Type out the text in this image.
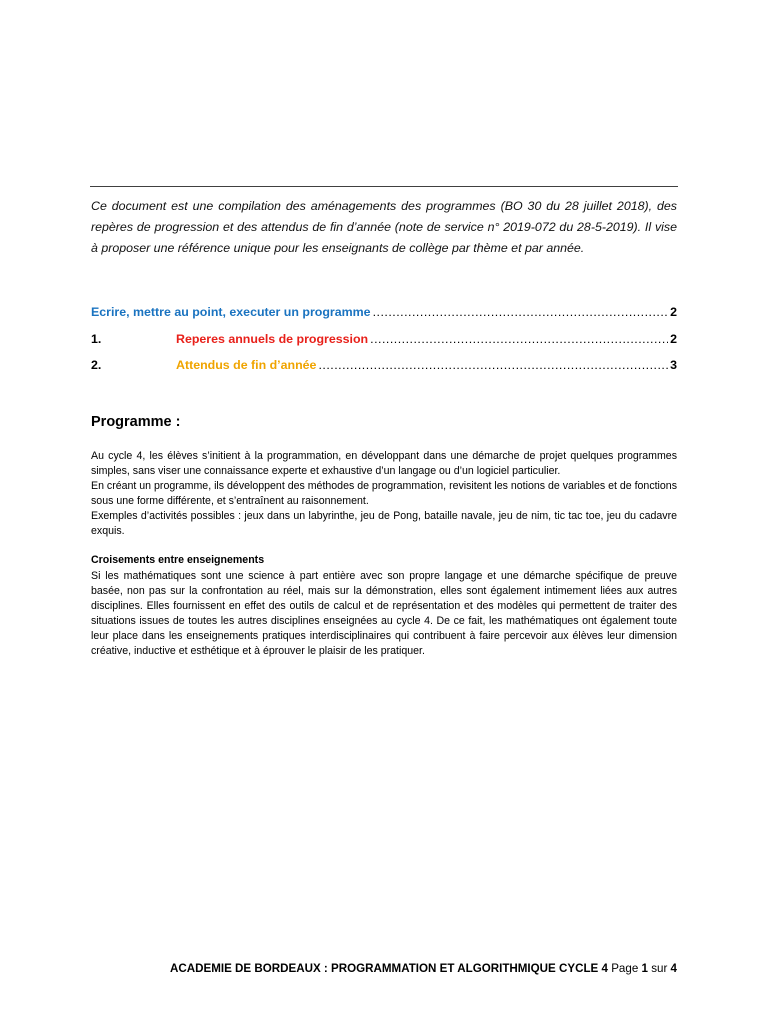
Ce document est une compilation des aménagements des programmes (BO 30 du 28 juillet 2018), des repères de progression et des attendus de fin d’année (note de service n° 2019-072 du 28-5-2019). Il vise à proposer une référence unique pour les enseignants de collège par thème et par année.
Ecrire, mettre au point, executer un programme .....	2
1.	Reperes annuels de progression .....	2
2.	Attendus de fin d’année .....	3
Programme :

Au cycle 4, les élèves s’initient à la programmation, en développant dans une démarche de projet quelques programmes simples, sans viser une connaissance experte et exhaustive d’un langage ou d’un logiciel particulier.

En créant un programme, ils développent des méthodes de programmation, revisitent les notions de variables et de fonctions sous une forme différente, et s’entraînent au raisonnement.

Exemples d’activités possibles : jeux dans un labyrinthe, jeu de Pong, bataille navale, jeu de nim, tic tac toe, jeu du cadavre exquis.

Croisements entre enseignements

Si les mathématiques sont une science à part entière avec son propre langage et une démarche spécifique de preuve basée, non pas sur la confrontation au réel, mais sur la démonstration, elles sont également intimement liées aux autres disciplines. Elles fournissent en effet des outils de calcul et de représentation et des modèles qui permettent de traiter des situations issues de toutes les autres disciplines enseignées au cycle 4. De ce fait, les mathématiques ont également toute leur place dans les enseignements pratiques interdisciplinaires qui contribuent à faire percevoir aux élèves leur dimension créative, inductive et esthétique et à éprouver le plaisir de les pratiquer.

ACADEMIE DE BORDEAUX : PROGRAMMATION ET ALGORITHMIQUE CYCLE 4 Page 1 sur 4
